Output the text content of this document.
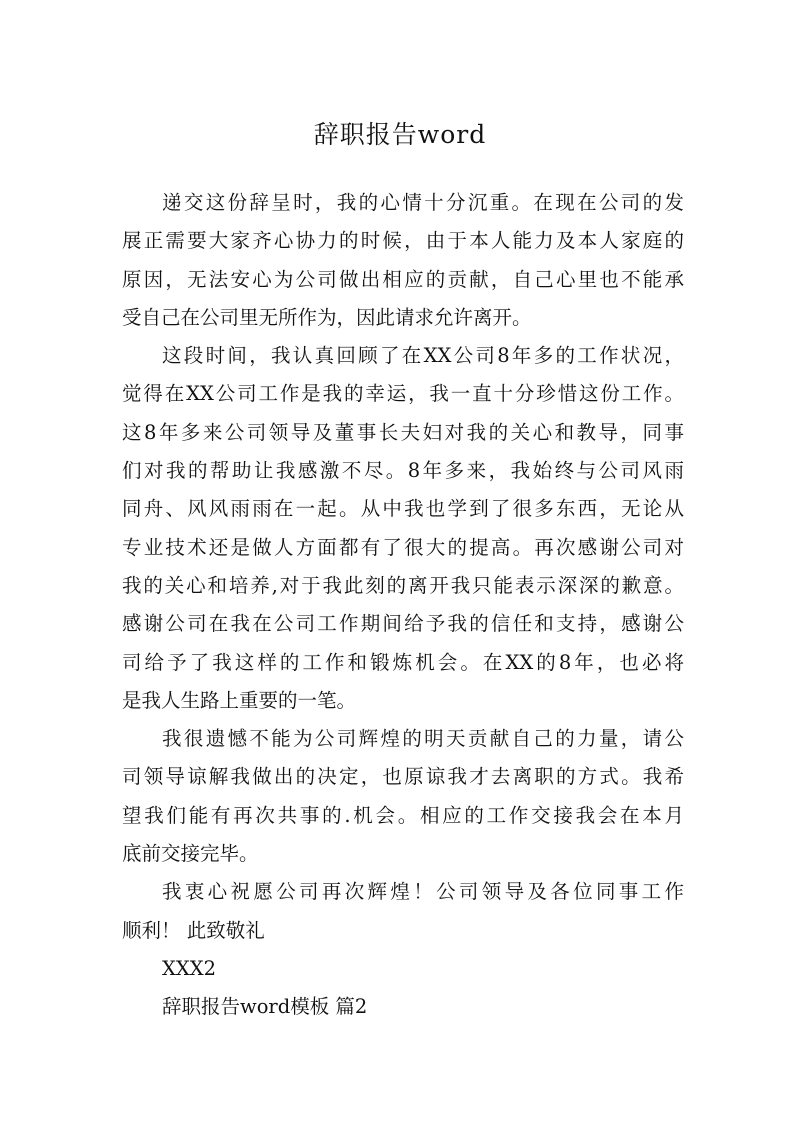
辞职报告word
递交这份辞呈时，我的心情十分沉重。在现在公司的发
展正需要大家齐心协力的时候，由于本人能力及本人家庭的
原因，无法安心为公司做出相应的贡献，自己心里也不能承
受自己在公司里无所作为，因此请求允许离开。
这段时间，我认真回顾了在XX公司8年多的工作状况，
觉得在XX公司工作是我的幸运，我一直十分珍惜这份工作。
这8年多来公司领导及董事长夫妇对我的关心和教导，同事
们对我的帮助让我感激不尽。8年多来，我始终与公司风雨
同舟、风风雨雨在一起。从中我也学到了很多东西，无论从
专业技术还是做人方面都有了很大的提高。再次感谢公司对
我的关心和培养,对于我此刻的离开我只能表示深深的歉意。
感谢公司在我在公司工作期间给予我的信任和支持，感谢公
司给予了我这样的工作和锻炼机会。在XX的8年，也必将
是我人生路上重要的一笔。
我很遗憾不能为公司辉煌的明天贡献自己的力量，请公
司领导谅解我做出的决定，也原谅我才去离职的方式。我希
望我们能有再次共事的.机会。相应的工作交接我会在本月
底前交接完毕。
我衷心祝愿公司再次辉煌！公司领导及各位同事工作
顺利！ 此致敬礼
XXX2
辞职报告word模板 篇2
